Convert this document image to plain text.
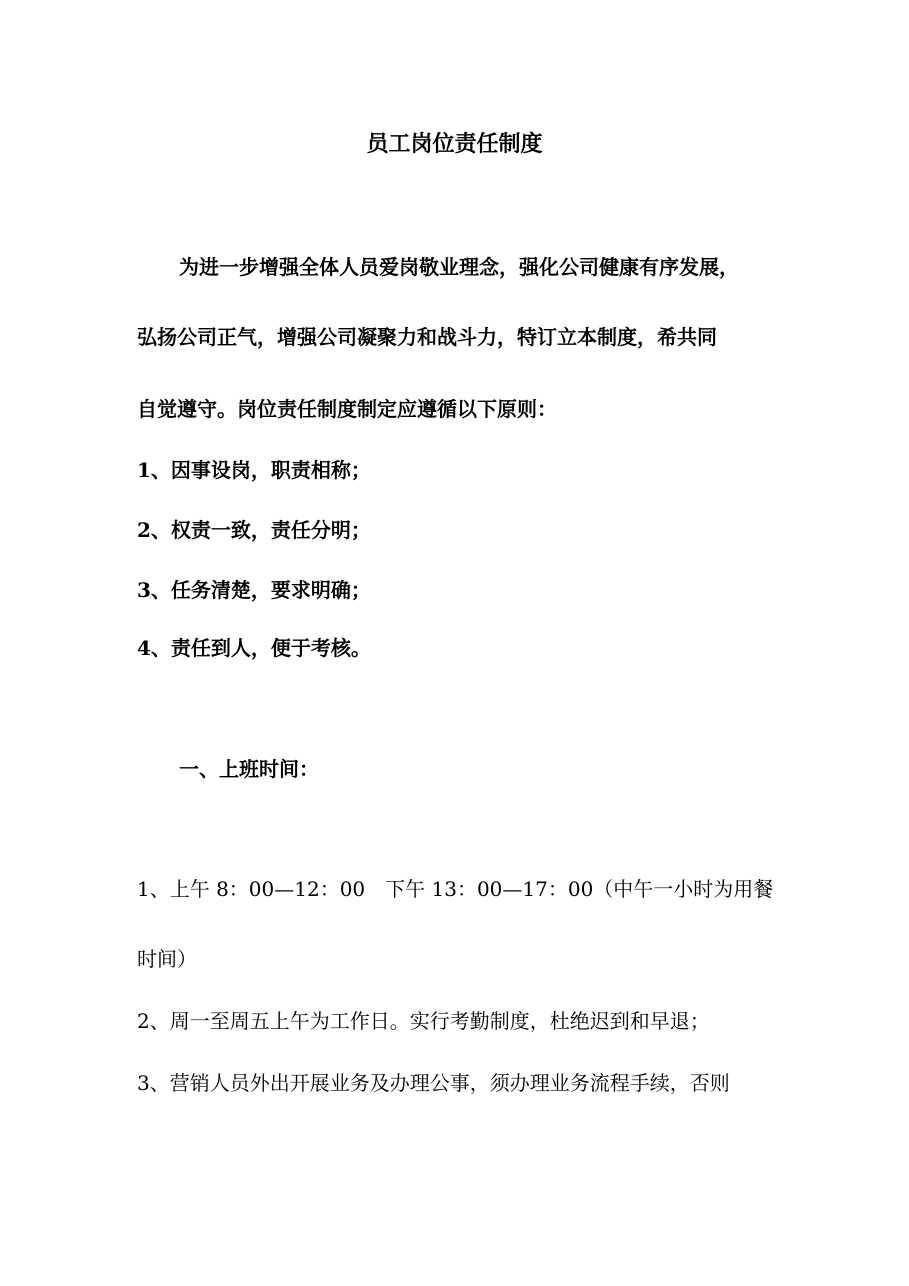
员工岗位责任制度
为进一步增强全体人员爱岗敬业理念，强化公司健康有序发展，
弘扬公司正气，增强公司凝聚力和战斗力，特订立本制度，希共同
自觉遵守。岗位责任制度制定应遵循以下原则：
1、因事设岗，职责相称；
2、权责一致，责任分明；
3、任务清楚，要求明确；
4、责任到人，便于考核。
一、上班时间：
1、上午 8：00—12：00　下午 13：00—17：00（中午一小时为用餐
时间）
2、周一至周五上午为工作日。实行考勤制度，杜绝迟到和早退；
3、营销人员外出开展业务及办理公事，须办理业务流程手续，否则
